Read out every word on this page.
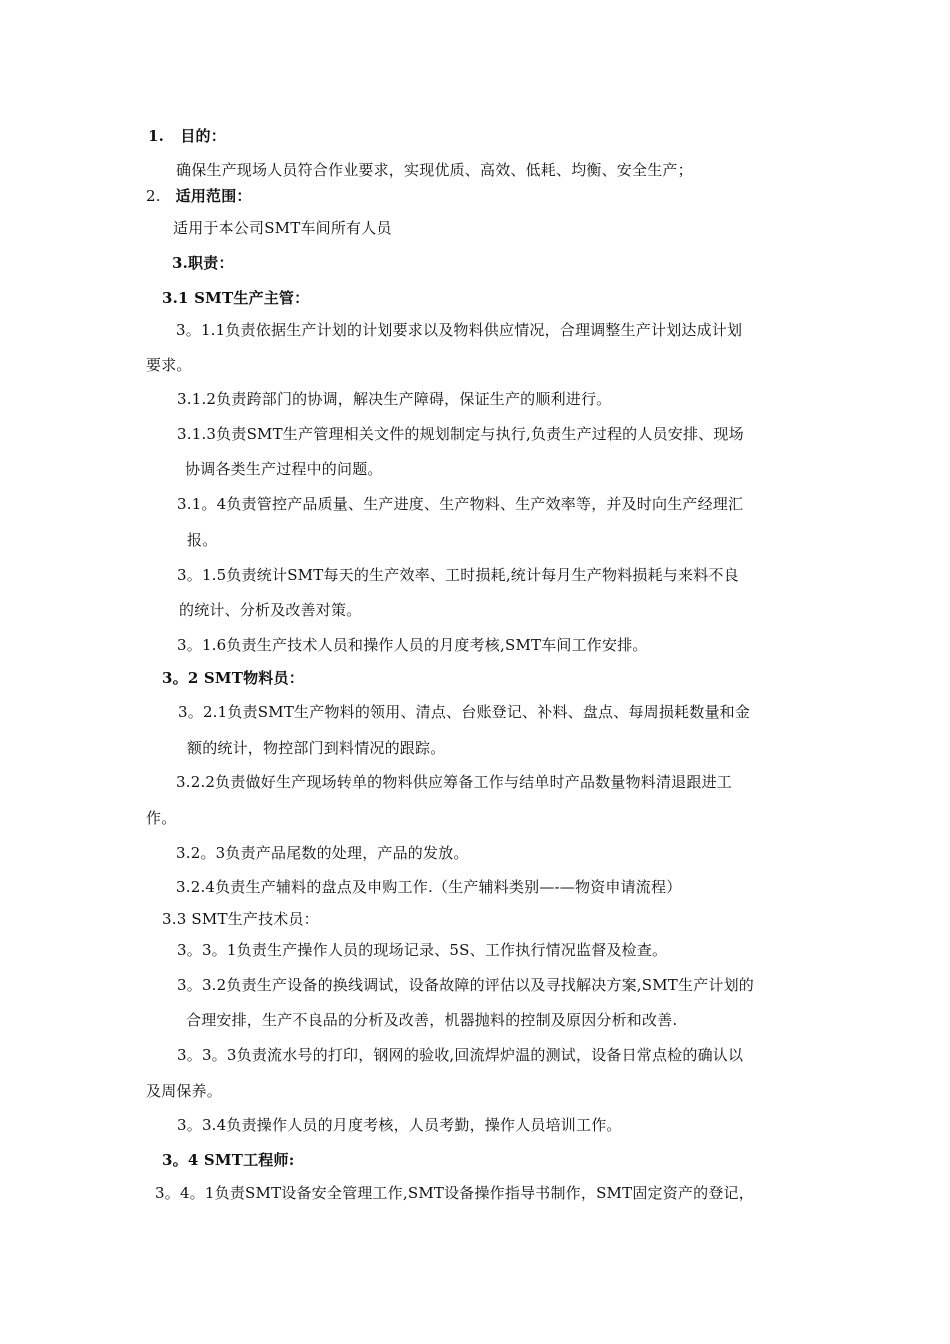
1. 目的：
确保生产现场人员符合作业要求，实现优质、高效、低耗、均衡、安全生产；
2. 适用范围：
适用于本公司SMT车间所有人员
3.职责：
3.1 SMT生产主管：
3。1.1负责依据生产计划的计划要求以及物料供应情况，合理调整生产计划达成计划
要求。
3.1.2负责跨部门的协调，解决生产障碍，保证生产的顺利进行。
3.1.3负责SMT生产管理相关文件的规划制定与执行,负责生产过程的人员安排、现场
协调各类生产过程中的问题。
3.1。4负责管控产品质量、生产进度、生产物料、生产效率等，并及时向生产经理汇
报。
3。1.5负责统计SMT每天的生产效率、工时损耗,统计每月生产物料损耗与来料不良
的统计、分析及改善对策。
3。1.6负责生产技术人员和操作人员的月度考核,SMT车间工作安排。
3。2 SMT物料员：
3。2.1负责SMT生产物料的领用、清点、台账登记、补料、盘点、每周损耗数量和金
额的统计，物控部门到料情况的跟踪。
3.2.2负责做好生产现场转单的物料供应筹备工作与结单时产品数量物料清退跟进工
作。
3.2。3负责产品尾数的处理，产品的发放。
3.2.4负责生产辅料的盘点及申购工作.（生产辅料类别—-—物资申请流程）
3.3 SMT生产技术员：
3。3。1负责生产操作人员的现场记录、5S、工作执行情况监督及检查。
3。3.2负责生产设备的换线调试，设备故障的评估以及寻找解决方案,SMT生产计划的
合理安排，生产不良品的分析及改善，机器抛料的控制及原因分析和改善.
3。3。3负责流水号的打印，钢网的验收,回流焊炉温的测试，设备日常点检的确认以
及周保养。
3。3.4负责操作人员的月度考核，人员考勤，操作人员培训工作。
3。4 SMT工程师:
3。4。1负责SMT设备安全管理工作,SMT设备操作指导书制作，SMT固定资产的登记，
